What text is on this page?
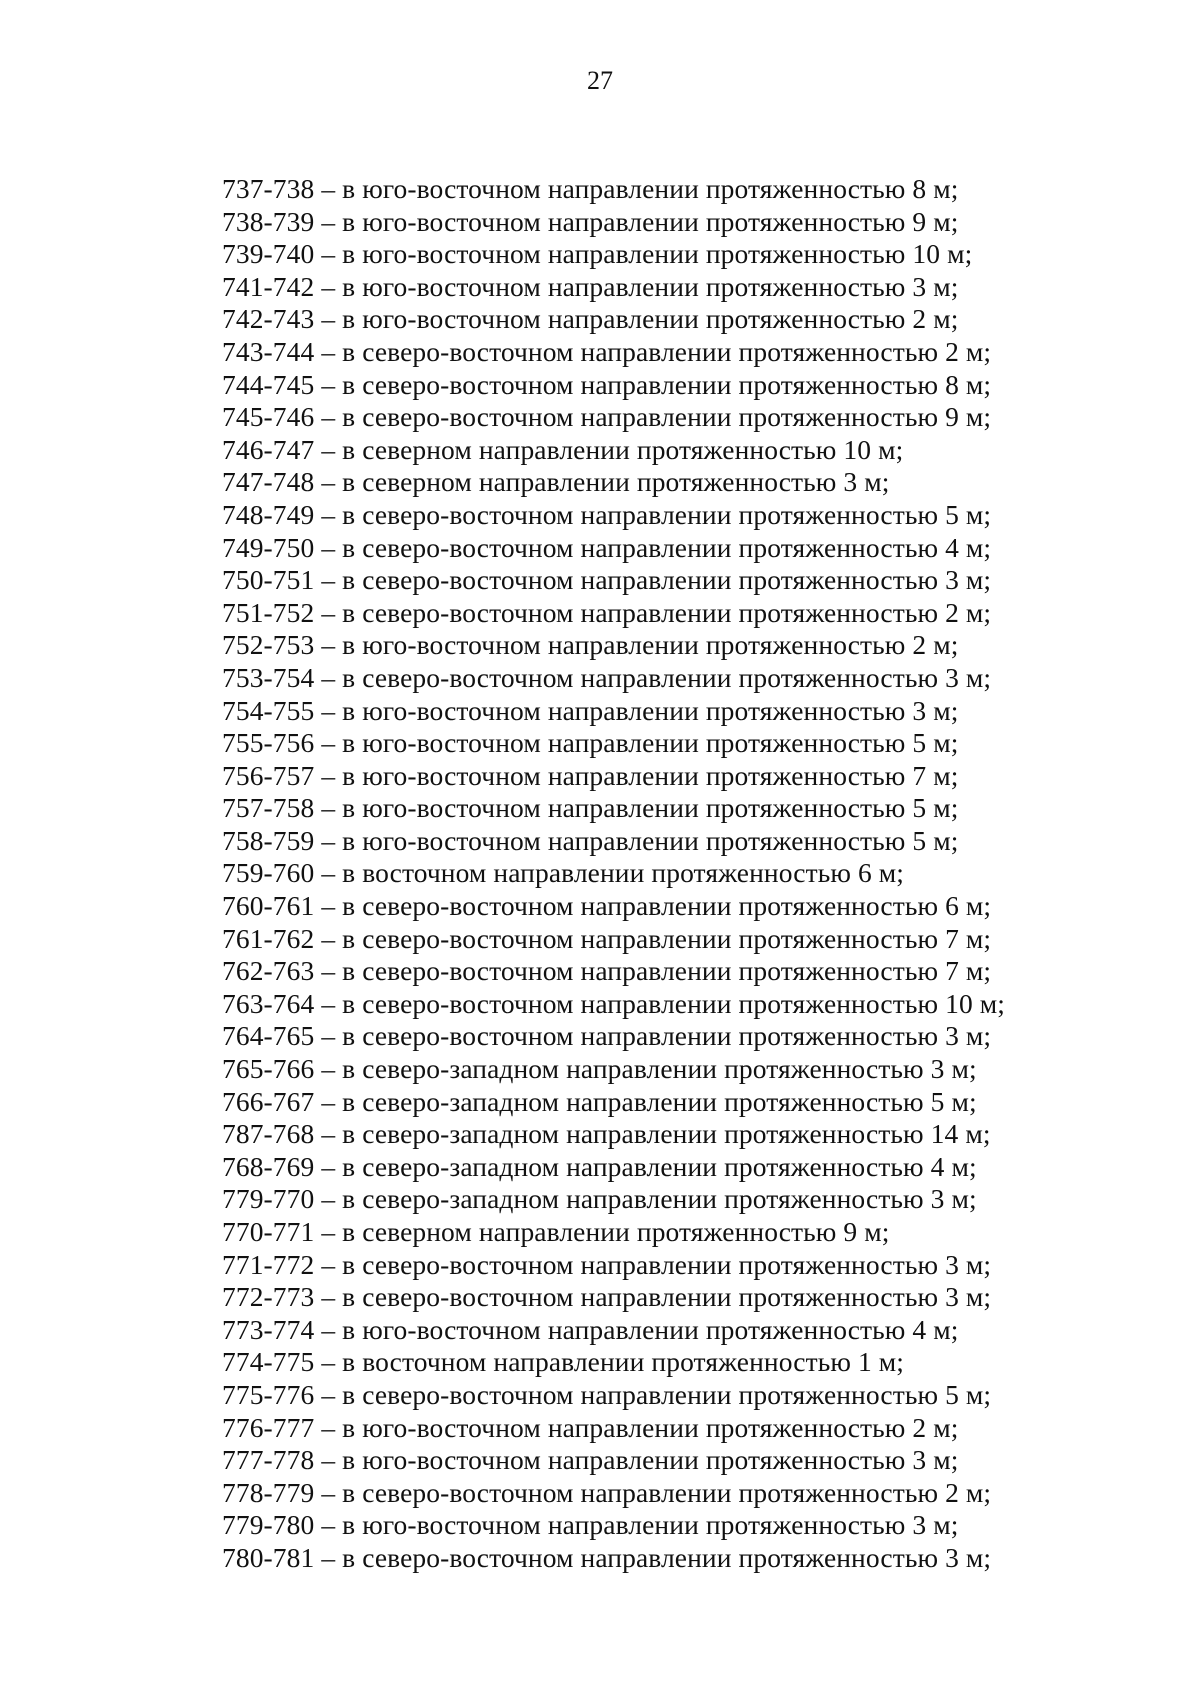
27
737-738 – в юго-восточном направлении протяженностью 8 м;
738-739 – в юго-восточном направлении протяженностью 9 м;
739-740 – в юго-восточном направлении протяженностью 10 м;
741-742 – в юго-восточном направлении протяженностью 3 м;
742-743 – в юго-восточном направлении протяженностью 2 м;
743-744 – в северо-восточном направлении протяженностью 2 м;
744-745 – в северо-восточном направлении протяженностью 8 м;
745-746 – в северо-восточном направлении протяженностью 9 м;
746-747 – в северном направлении протяженностью 10 м;
747-748 – в северном направлении протяженностью 3 м;
748-749 – в северо-восточном направлении протяженностью 5 м;
749-750 – в северо-восточном направлении протяженностью 4 м;
750-751 – в северо-восточном направлении протяженностью 3 м;
751-752 – в северо-восточном направлении протяженностью 2 м;
752-753 – в юго-восточном направлении протяженностью 2 м;
753-754 – в северо-восточном направлении протяженностью 3 м;
754-755 – в юго-восточном направлении протяженностью 3 м;
755-756 – в юго-восточном направлении протяженностью 5 м;
756-757 – в юго-восточном направлении протяженностью 7 м;
757-758 – в юго-восточном направлении протяженностью 5 м;
758-759 – в юго-восточном направлении протяженностью 5 м;
759-760 – в восточном направлении протяженностью 6 м;
760-761 – в северо-восточном направлении протяженностью 6 м;
761-762 – в северо-восточном направлении протяженностью 7 м;
762-763 – в северо-восточном направлении протяженностью 7 м;
763-764 – в северо-восточном направлении протяженностью 10 м;
764-765 – в северо-восточном направлении протяженностью 3 м;
765-766 – в северо-западном направлении протяженностью 3 м;
766-767 – в северо-западном направлении протяженностью 5 м;
787-768 – в северо-западном направлении протяженностью 14 м;
768-769 – в северо-западном направлении протяженностью 4 м;
779-770 – в северо-западном направлении протяженностью 3 м;
770-771 – в северном направлении протяженностью 9 м;
771-772 – в северо-восточном направлении протяженностью 3 м;
772-773 – в северо-восточном направлении протяженностью 3 м;
773-774 – в юго-восточном направлении протяженностью 4 м;
774-775 – в восточном направлении протяженностью 1 м;
775-776 – в северо-восточном направлении протяженностью 5 м;
776-777 – в юго-восточном направлении протяженностью 2 м;
777-778 – в юго-восточном направлении протяженностью 3 м;
778-779 – в северо-восточном направлении протяженностью 2 м;
779-780 – в юго-восточном направлении протяженностью 3 м;
780-781 – в северо-восточном направлении протяженностью 3 м;
